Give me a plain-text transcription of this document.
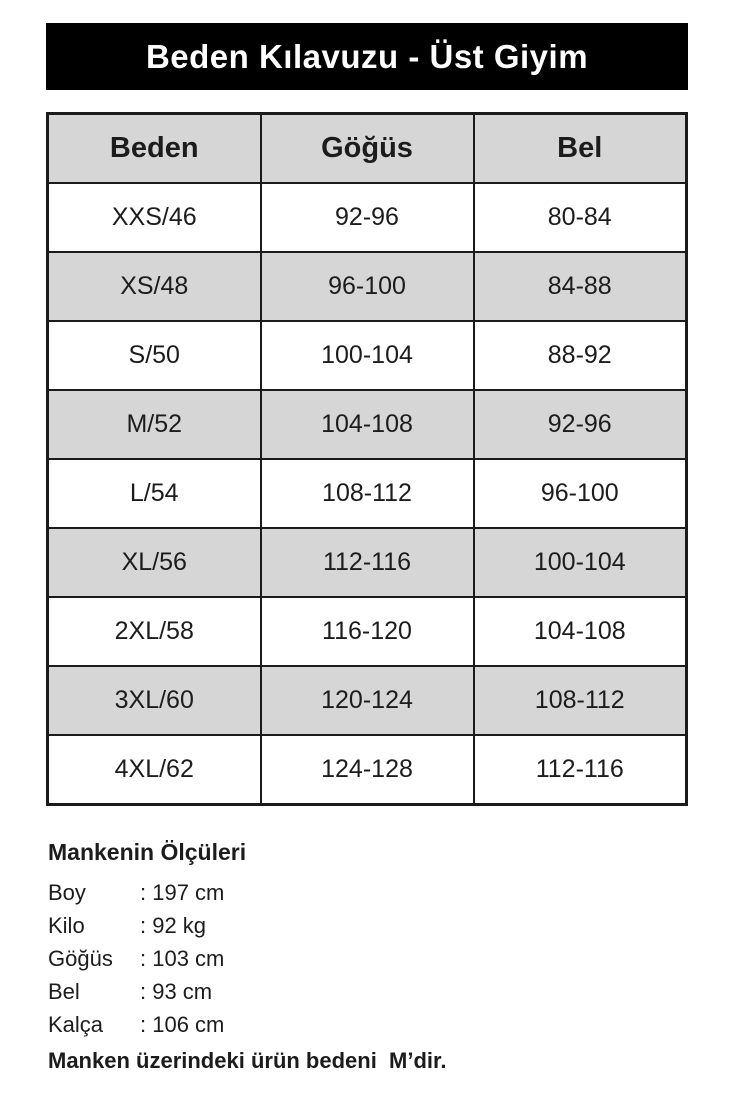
Beden Kılavuzu - Üst Giyim
Beden	Göğüs	Bel
XXS/46	92-96	80-84
XS/48	96-100	84-88
S/50	100-104	88-92
M/52	104-108	92-96
L/54	108-112	96-100
XL/56	112-116	100-104
2XL/58	116-120	104-108
3XL/60	120-124	108-112
4XL/62	124-128	112-116

Mankenin Ölçüleri

Boy	: 197 cm
Kilo	: 92 kg
Göğüs	: 103 cm
Bel	: 93 cm
Kalça	: 106 cm

Manken üzerindeki ürün bedeni  M’dir.
